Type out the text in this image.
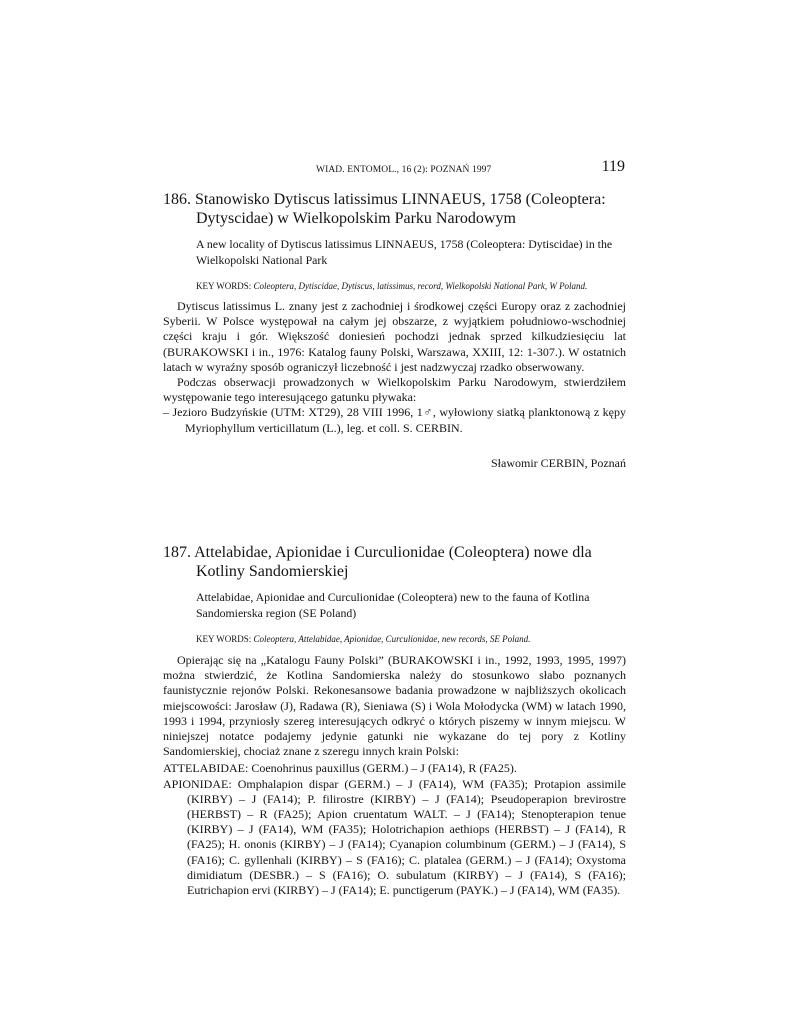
WIAD. ENTOMOL., 16 (2): POZNAŃ 1997	119
186. Stanowisko Dytiscus latissimus LINNAEUS, 1758 (Coleoptera: Dytyscidae) w Wielkopolskim Parku Narodowym
A new locality of Dytiscus latissimus LINNAEUS, 1758 (Coleoptera: Dytiscidae) in the Wielkopolski National Park
KEY WORDS: Coleoptera, Dytiscidae, Dytiscus, latissimus, record, Wielkopolski National Park, W Poland.

Dytiscus latissimus L. znany jest z zachodniej i środkowej części Europy oraz z zachodniej Syberii. W Polsce występował na całym jej obszarze, z wyjątkiem południowo-wschodniej części kraju i gór. Większość doniesień pochodzi jednak sprzed kilkudziesięciu lat (BURAKOWSKI i in., 1976: Katalog fauny Polski, Warszawa, XXIII, 12: 1-307.). W ostatnich latach w wyraźny sposób ograniczył liczebność i jest nadzwyczaj rzadko obserwowany.

Podczas obserwacji prowadzonych w Wielkopolskim Parku Narodowym, stwierdziłem występowanie tego interesującego gatunku pływaka:

– Jezioro Budzyńskie (UTM: XT29), 28 VIII 1996, 1♂, wyłowiony siatką planktonową z kępy Myriophyllum verticillatum (L.), leg. et coll. S. CERBIN.

Sławomir CERBIN, Poznań
187. Attelabidae, Apionidae i Curculionidae (Coleoptera) nowe dla Kotliny Sandomierskiej
Attelabidae, Apionidae and Curculionidae (Coleoptera) new to the fauna of Kotlina Sandomierska region (SE Poland)
KEY WORDS: Coleoptera, Attelabidae, Apionidae, Curculionidae, new records, SE Poland.

Opierając się na „Katalogu Fauny Polski” (BURAKOWSKI i in., 1992, 1993, 1995, 1997) można stwierdzić, że Kotlina Sandomierska należy do stosunkowo słabo poznanych faunistycznie rejonów Polski. Rekonesansowe badania prowadzone w najbliższych okolicach miejscowości: Jarosław (J), Radawa (R), Sieniawa (S) i Wola Mołodycka (WM) w latach 1990, 1993 i 1994, przyniosły szereg interesujących odkryć o których piszemy w innym miejscu. W niniejszej notatce podajemy jedynie gatunki nie wykazane do tej pory z Kotliny Sandomierskiej, chociaż znane z szeregu innych krain Polski:

ATTELABIDAE: Coenohrinus pauxillus (GERM.) – J (FA14), R (FA25).

APIONIDAE: Omphalapion dispar (GERM.) – J (FA14), WM (FA35); Protapion assimile (KIRBY) – J (FA14); P. filirostre (KIRBY) – J (FA14); Pseudoperapion brevirostre (HERBST) – R (FA25); Apion cruentatum WALT. – J (FA14); Stenopterapion tenue (KIRBY) – J (FA14), WM (FA35); Holotrichapion aethiops (HERBST) – J (FA14), R (FA25); H. ononis (KIRBY) – J (FA14); Cyanapion columbinum (GERM.) – J (FA14), S (FA16); C. gyllenhali (KIRBY) – S (FA16); C. platalea (GERM.) – J (FA14); Oxystoma dimidiatum (DESBR.) – S (FA16); O. subulatum (KIRBY) – J (FA14), S (FA16); Eutrichapion ervi (KIRBY) – J (FA14); E. punctigerum (PAYK.) – J (FA14), WM (FA35).
